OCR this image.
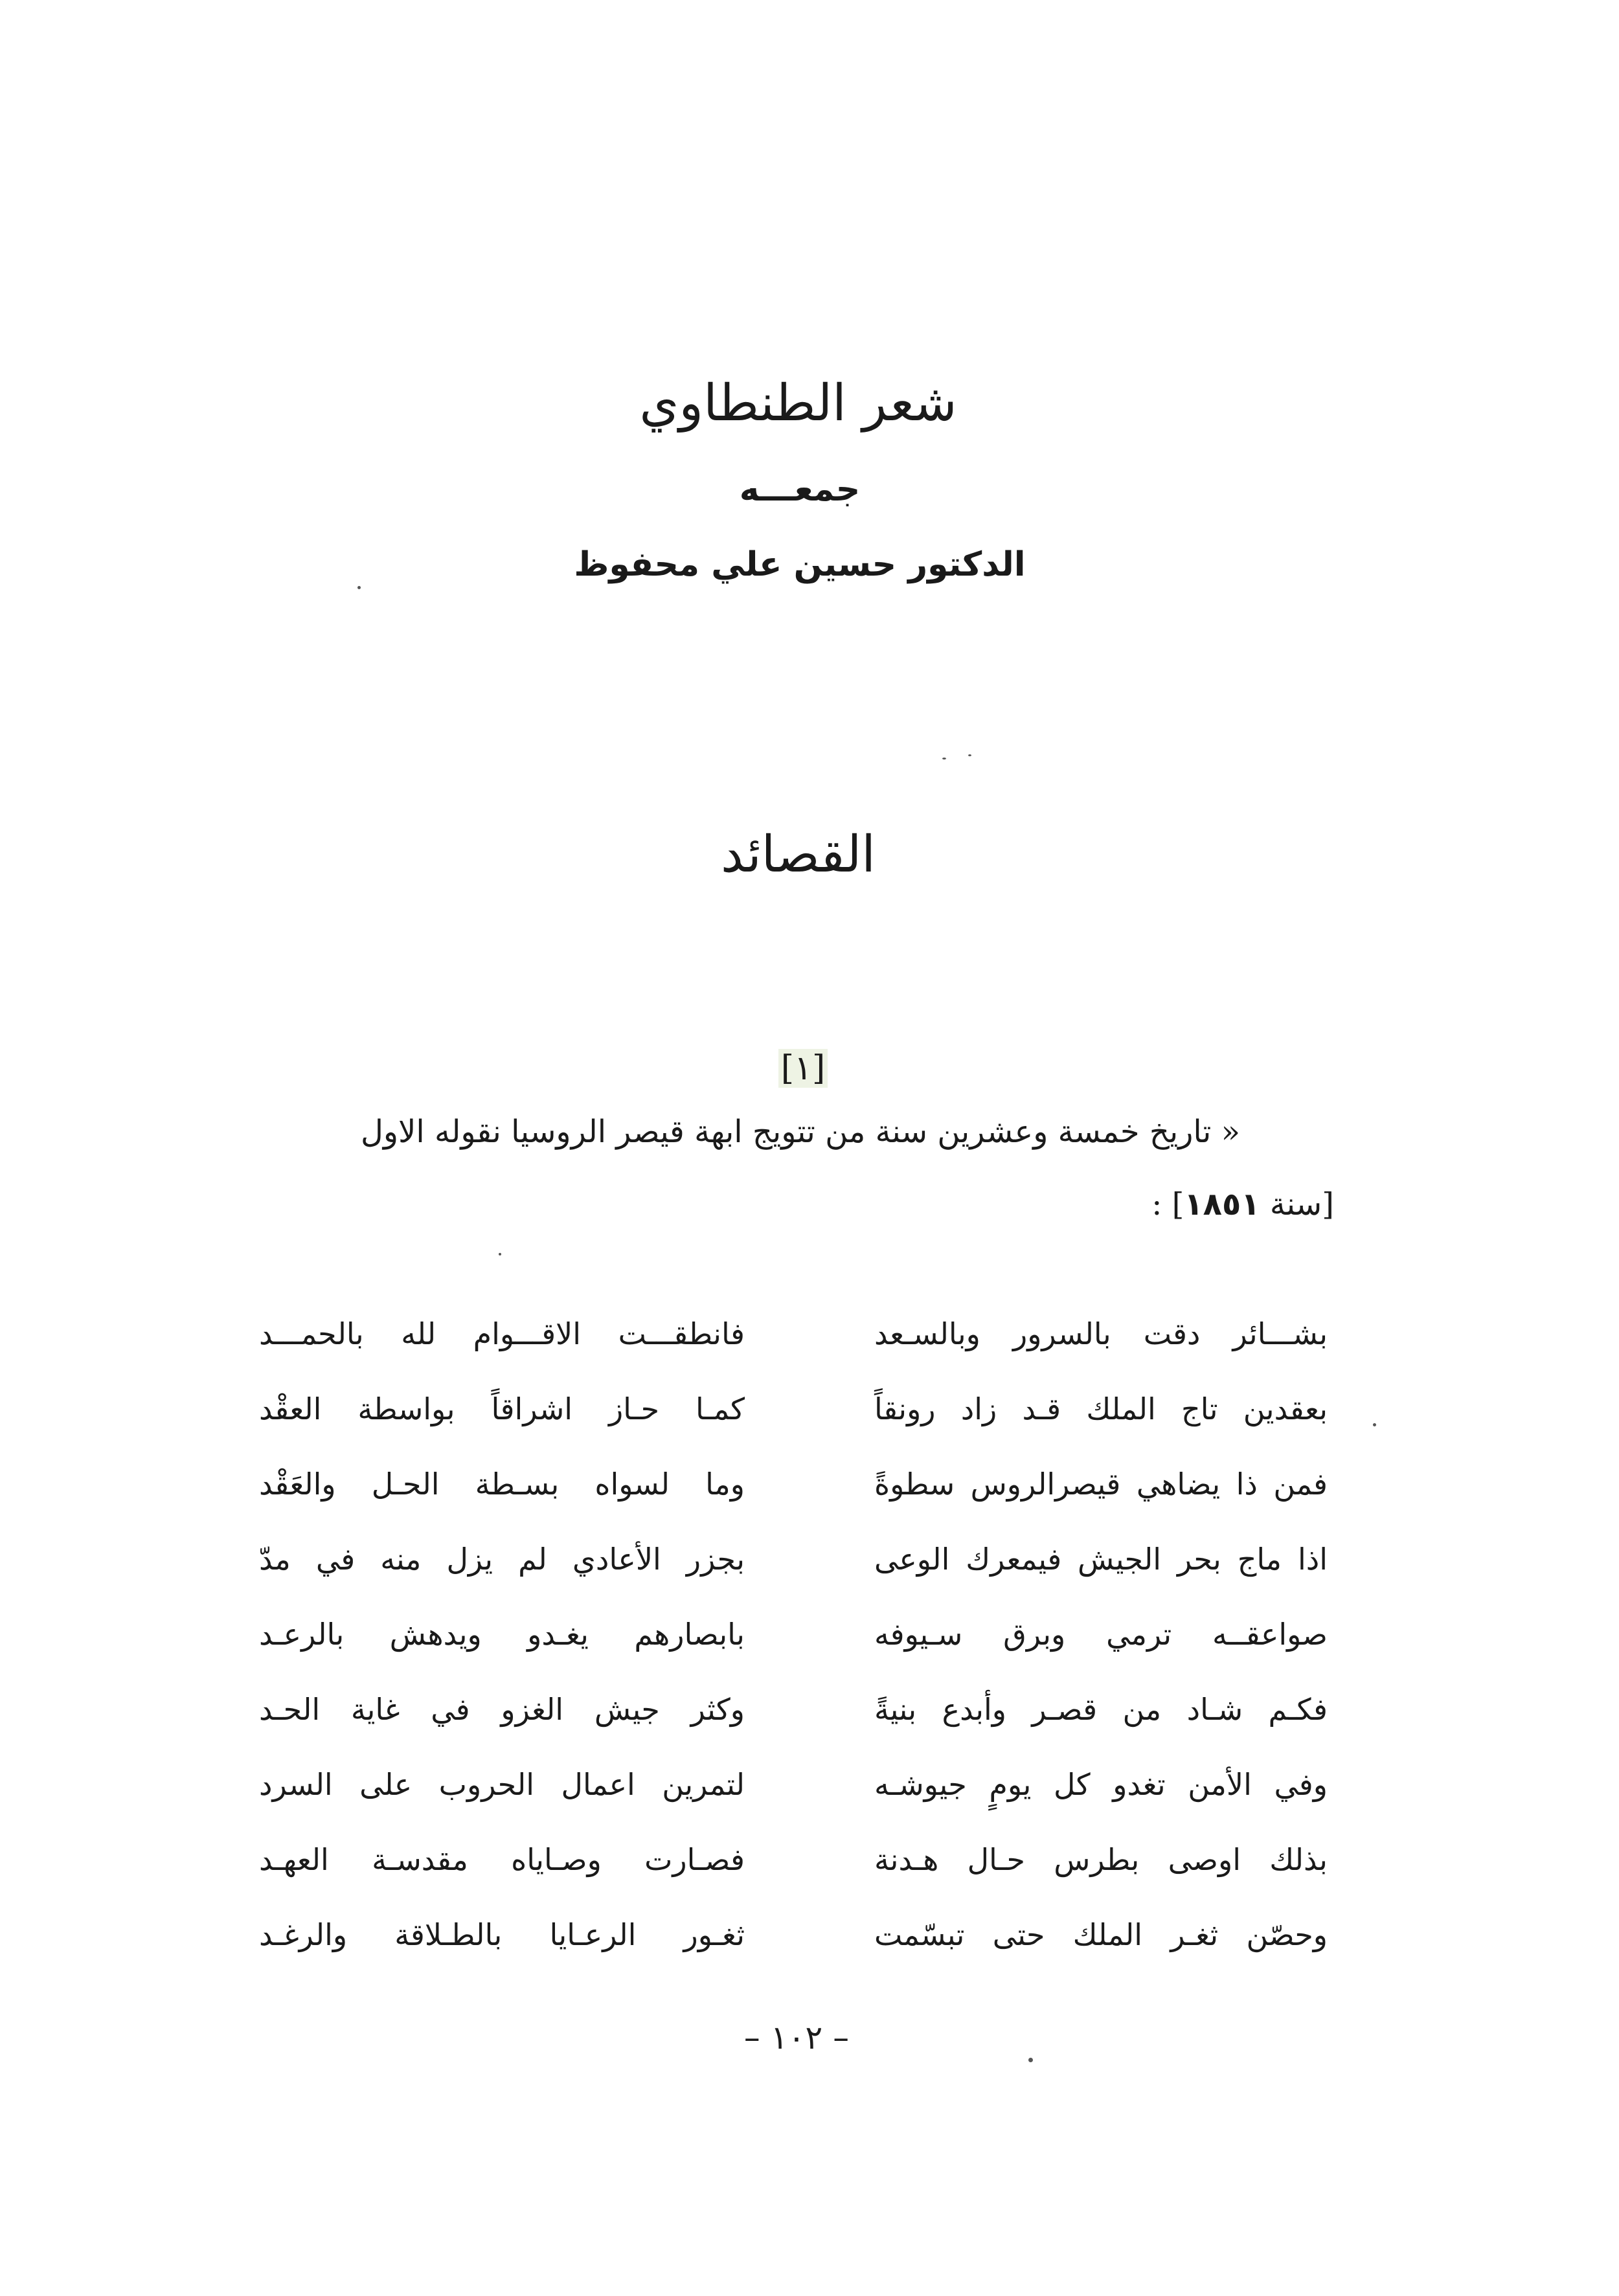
شعر الطنطاوي
جمعـــه
الدكتور حسين علي محفوظ
القصائد
[١]
« تاريخ خمسة وعشرين سنة من تتويج ابهة قيصر الروسيا نقوله الاول
[سنة ١٨٥١] :
بشـــائر دقت بالسرور وبالسـعد
فانطقـــت الاقـــوام لله بالحمـــد
بعقدين تاج الملك قـد زاد رونقاً
كمـا حـاز اشراقاً بواسطة العقْد
فمن ذا يضاهي قيصرالروس سطوةً
وما لسواه بسـطة الحـل والعَقْد
اذا ماج بحر الجيش فيمعرك الوعى
بجزر الأعادي لم يزل منه في مدّ
صواعقــه ترمي وبرق سـيوفه
بابصارهم يغـدو ويدهش بالرعـد
فكـم شـاد من قصـر وأبدع بنيةً
وكثر جيش الغزو في غاية الحـد
وفي الأمن تغدو كل يومٍ جيوشـه
لتمرين اعمال الحروب على السرد
بذلك اوصى بطرس حـال هـدنة
فصـارت وصـاياه مقدسـة العهـد
وحصّن ثغـر الملك حتى تبسّمت
ثغـور الرعـايا بالطـلاقة والرغـد
– ١٠٢ –
